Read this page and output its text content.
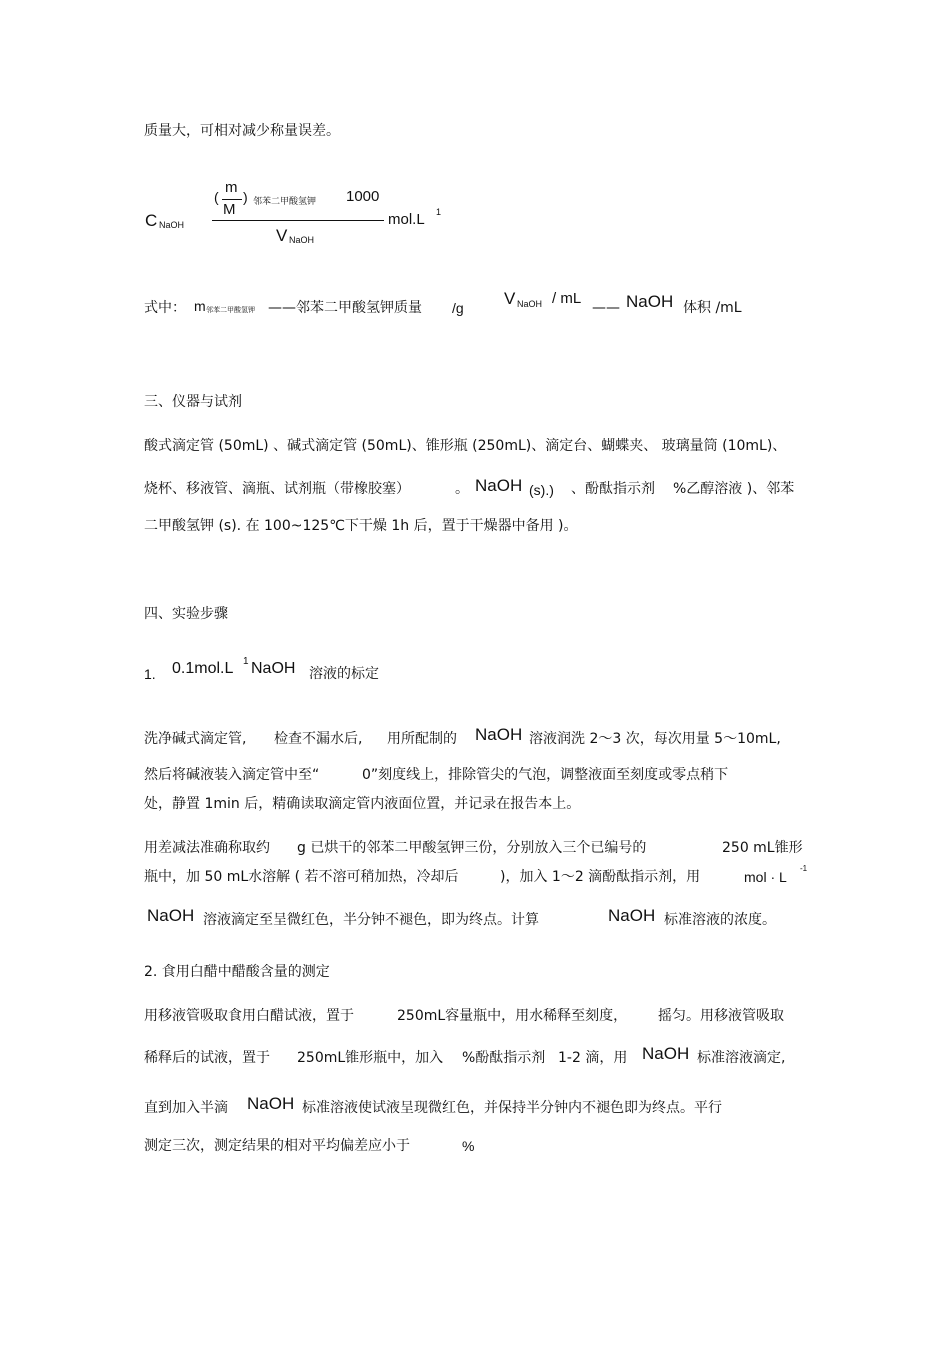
质量大，可相对减少称量误差。
C NaOH
(
m
M
) 邻苯二甲酸氢钾 1000
V NaOH
mol.L 1
式中： m 邻苯二甲酸氢钾 ——邻苯二甲酸氢钾质量 /g V NaOH / mL
—— NaOH 体积 /mL
三、仪器与试剂
酸式滴定管 (50mL) 、碱式滴定管 (50mL)、锥形瓶 (250mL)、滴定台、蝴蝶夹、 玻璃量筒 (10mL)、
烧杯、移液管、滴瓶、试剂瓶（带橡胶塞）	。 NaOH (s).) 、酚酞指示剂 %乙醇溶液 )、邻苯
二甲酸氢钾 (s). 在 100~125℃下干燥 1h 后，置于干燥器中备用 )。
四、实验步骤
1. 0.1mol.L 1 NaOH 溶液的标定
洗净碱式滴定管, 检查不漏水后, 用所配制的 NaOH 溶液润洗 2～3 次，每次用量 5～10mL,
然后将碱液装入滴定管中至“	0”刻度线上，排除管尖的气泡，调整液面至刻度或零点稍下
处，静置 1min 后，精确读取滴定管内液面位置，并记录在报告本上。
用差减法准确称取约 g 已烘干的邻苯二甲酸氢钾三份，分别放入三个已编号的	250 mL锥形
瓶中，加 50 mL水溶解 ( 若不溶可稍加热，冷却后	)，加入 1～2 滴酚酞指示剂，用	mol · L
-1
NaOH 溶液滴定至呈微红色，半分钟不褪色，即为终点。计算	NaOH 标准溶液的浓度。
2. 食用白醋中醋酸含量的测定
用移液管吸取食用白醋试液，置于	250mL容量瓶中，用水稀释至刻度， 摇匀。用移液管吸取
稀释后的试液，置于 250mL锥形瓶中，加入 %酚酞指示剂 1-2 滴，用 NaOH 标准溶液滴定,
直到加入半滴 NaOH 标准溶液使试液呈现微红色，并保持半分钟内不褪色即为终点。平行
测定三次，测定结果的相对平均偏差应小于	%
